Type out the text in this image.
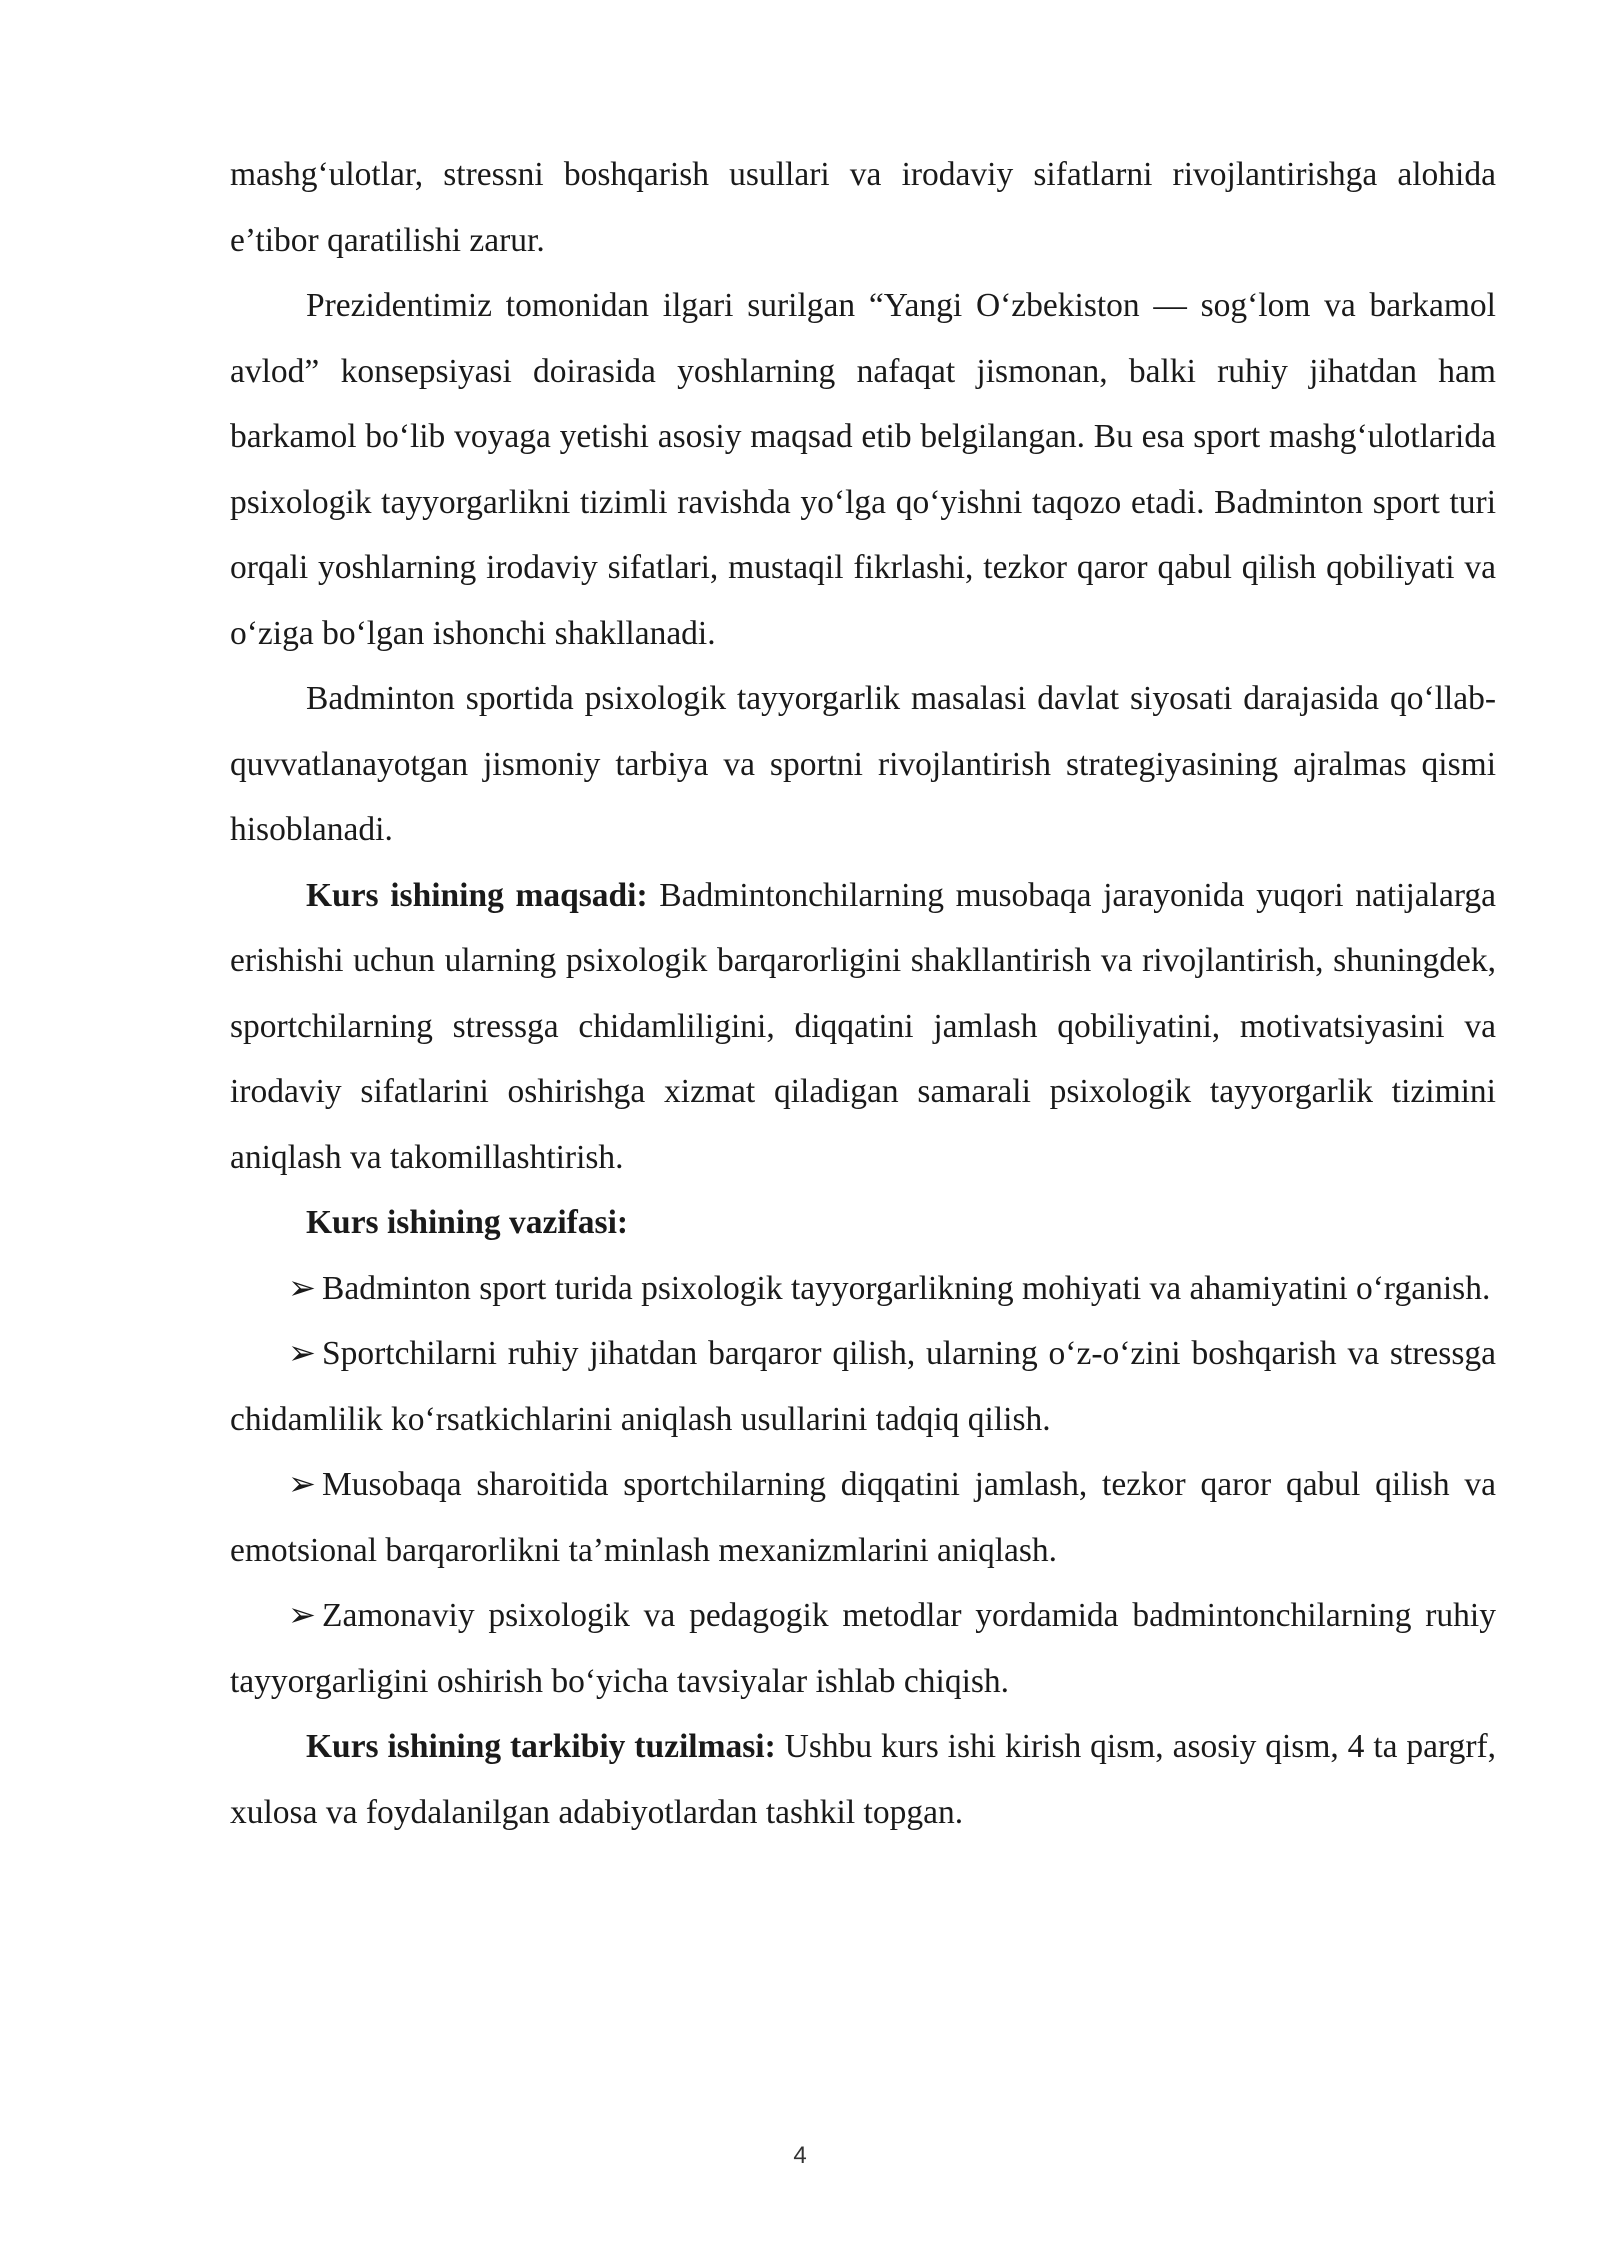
mashg‘ulotlar, stressni boshqarish usullari va irodaviy sifatlarni rivojlantirishga alohida e’tibor qaratilishi zarur.

Prezidentimiz tomonidan ilgari surilgan “Yangi O‘zbekiston — sog‘lom va barkamol avlod” konsepsiyasi doirasida yoshlarning nafaqat jismonan, balki ruhiy jihatdan ham barkamol bo‘lib voyaga yetishi asosiy maqsad etib belgilangan. Bu esa sport mashg‘ulotlarida psixologik tayyorgarlikni tizimli ravishda yo‘lga qo‘yishni taqozo etadi. Badminton sport turi orqali yoshlarning irodaviy sifatlari, mustaqil fikrlashi, tezkor qaror qabul qilish qobiliyati va o‘ziga bo‘lgan ishonchi shakllanadi.

Badminton sportida psixologik tayyorgarlik masalasi davlat siyosati darajasida qo‘llab-quvvatlanayotgan jismoniy tarbiya va sportni rivojlantirish strategiyasining ajralmas qismi hisoblanadi.

Kurs ishining maqsadi: Badmintonchilarning musobaqa jarayonida yuqori natijalarga erishishi uchun ularning psixologik barqarorligini shakllantirish va rivojlantirish, shuningdek, sportchilarning stressga chidamliligini, diqqatini jamlash qobiliyatini, motivatsiyasini va irodaviy sifatlarini oshirishga xizmat qiladigan samarali psixologik tayyorgarlik tizimini aniqlash va takomillashtirish.

Kurs ishining vazifasi:

➢ Badminton sport turida psixologik tayyorgarlikning mohiyati va ahamiyatini o‘rganish.

➢ Sportchilarni ruhiy jihatdan barqaror qilish, ularning o‘z-o‘zini boshqarish va stressga chidamlilik ko‘rsatkichlarini aniqlash usullarini tadqiq qilish.

➢ Musobaqa sharoitida sportchilarning diqqatini jamlash, tezkor qaror qabul qilish va emotsional barqarorlikni ta’minlash mexanizmlarini aniqlash.

➢ Zamonaviy psixologik va pedagogik metodlar yordamida badmintonchilarning ruhiy tayyorgarligini oshirish bo‘yicha tavsiyalar ishlab chiqish.

Kurs ishining tarkibiy tuzilmasi: Ushbu kurs ishi kirish qism, asosiy qism, 4 ta pargrf, xulosa va foydalanilgan adabiyotlardan tashkil topgan.

4
